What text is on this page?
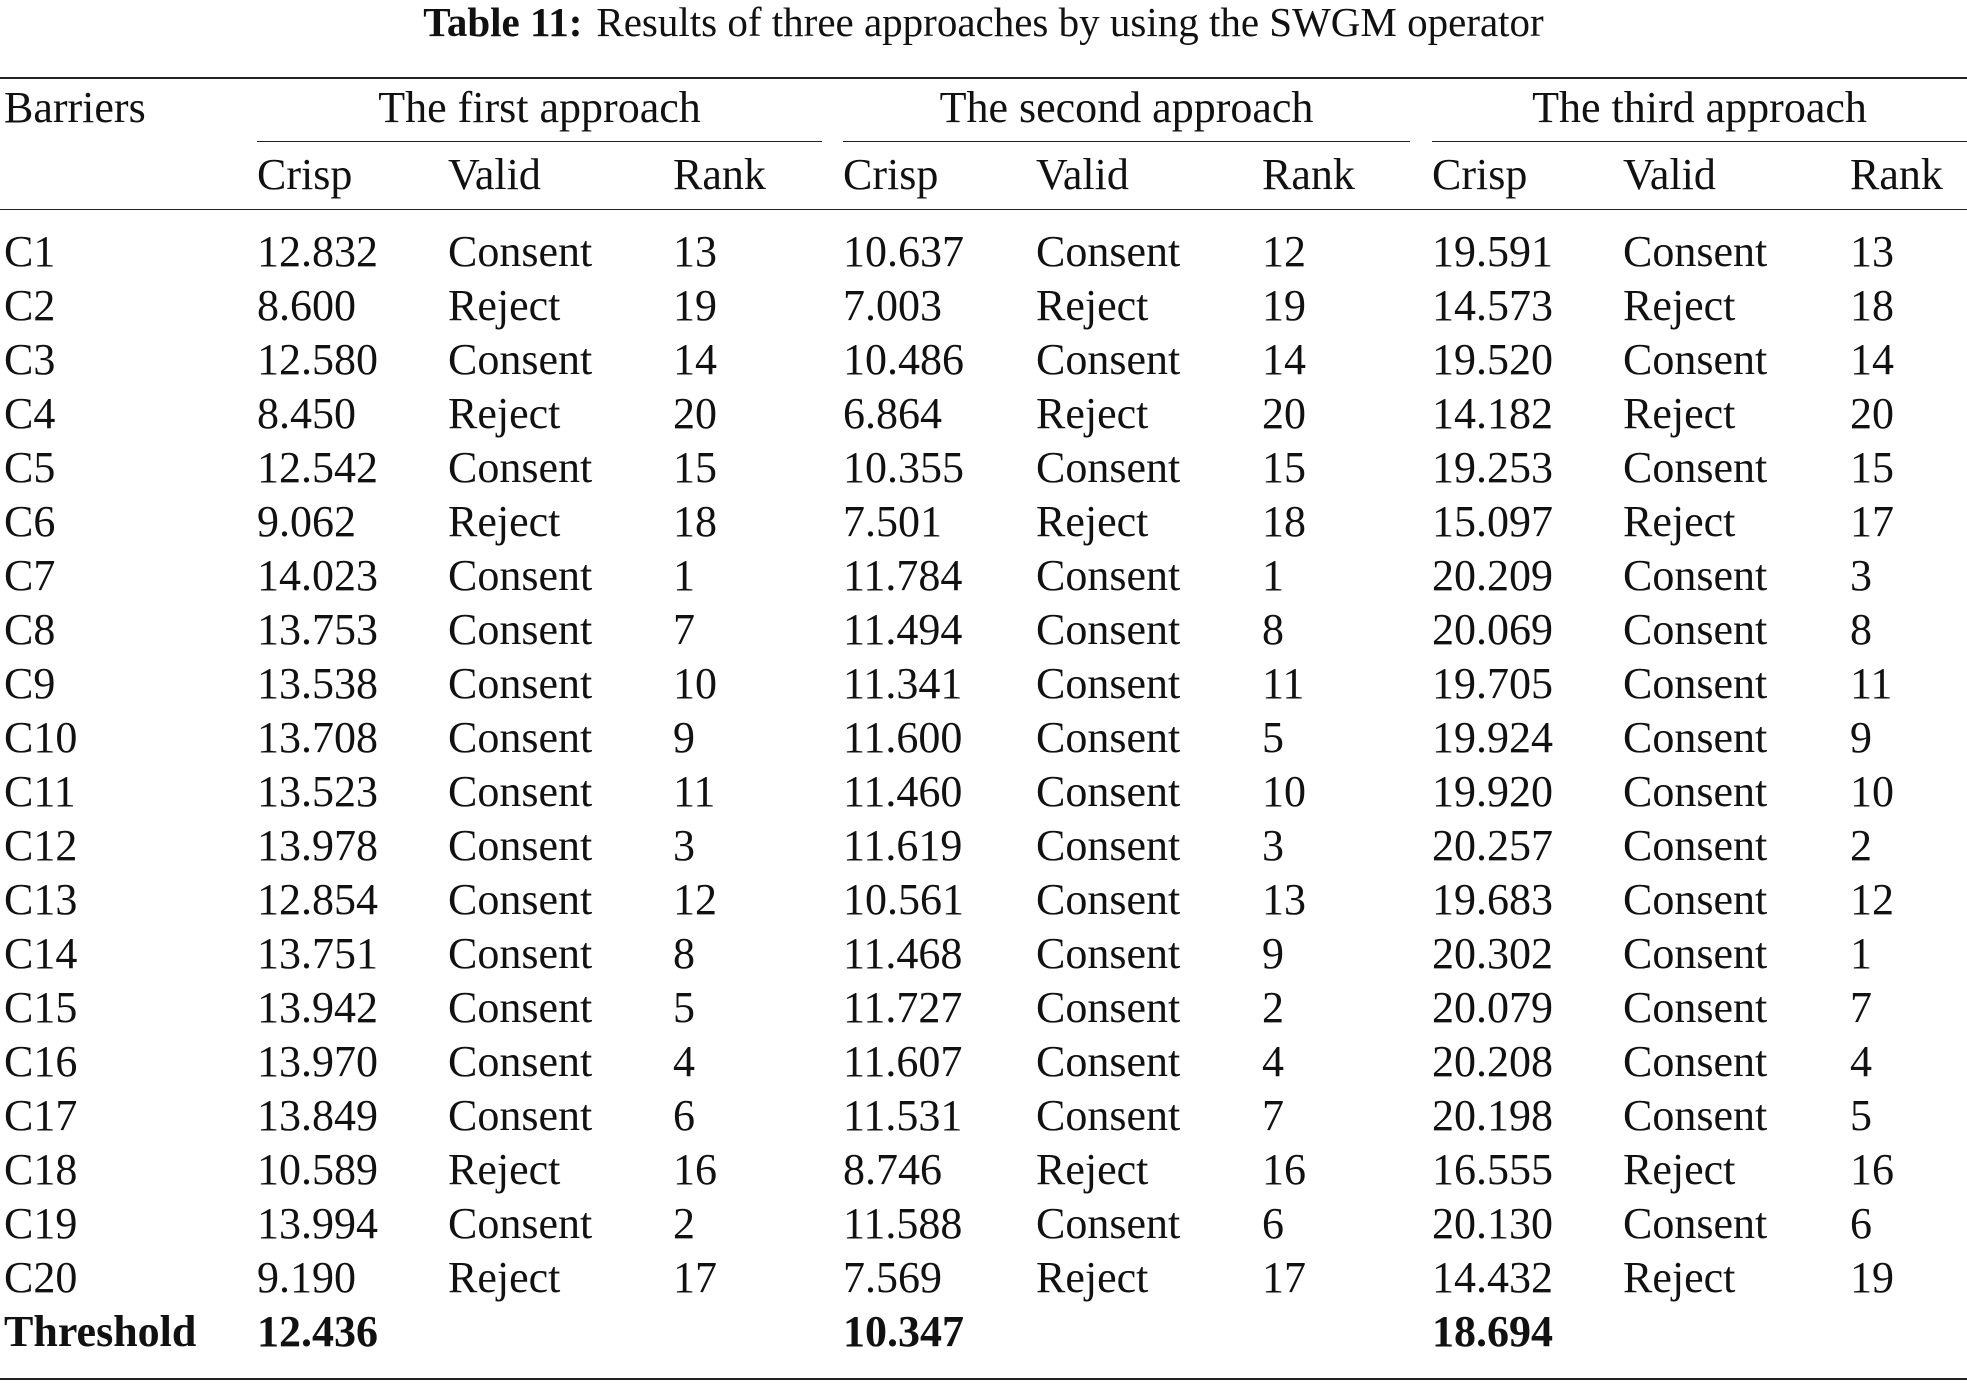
Table 11: Results of three approaches by using the SWGM operator
Barriers	The first approach	The second approach	The third approach
Crisp Valid	Rank Crisp Valid	Rank Crisp Valid	Rank
C1	12.832 Consent 13	10.637 Consent 12	19.591 Consent 13
C2	8.600 Reject	19	7.003 Reject	19	14.573 Reject	18
C3	12.580 Consent 14	10.486 Consent 14	19.520 Consent 14
C4	8.450 Reject	20	6.864 Reject	20	14.182 Reject	20
C5	12.542 Consent 15	10.355 Consent 15	19.253 Consent 15
C6	9.062 Reject	18	7.501 Reject	18	15.097 Reject	17
C7	14.023 Consent 1	11.784 Consent 1	20.209 Consent 3
C8	13.753 Consent 7	11.494 Consent 8	20.069 Consent 8
C9	13.538 Consent 10	11.341 Consent 11	19.705 Consent 11
C10	13.708 Consent 9	11.600 Consent 5	19.924 Consent 9
C11	13.523 Consent 11	11.460 Consent 10	19.920 Consent 10
C12	13.978 Consent 3	11.619 Consent 3	20.257 Consent 2
C13	12.854 Consent 12	10.561 Consent 13	19.683 Consent 12
C14	13.751 Consent 8	11.468 Consent 9	20.302 Consent 1
C15	13.942 Consent 5	11.727 Consent 2	20.079 Consent 7
C16	13.970 Consent 4	11.607 Consent 4	20.208 Consent 4
C17	13.849 Consent 6	11.531 Consent 7	20.198 Consent 5
C18	10.589 Reject	16	8.746 Reject	16	16.555 Reject	16
C19	13.994 Consent 2	11.588 Consent 6	20.130 Consent 6
C20	9.190 Reject	17	7.569 Reject	17	14.432 Reject	19
Threshold 12.436	10.347	18.694
